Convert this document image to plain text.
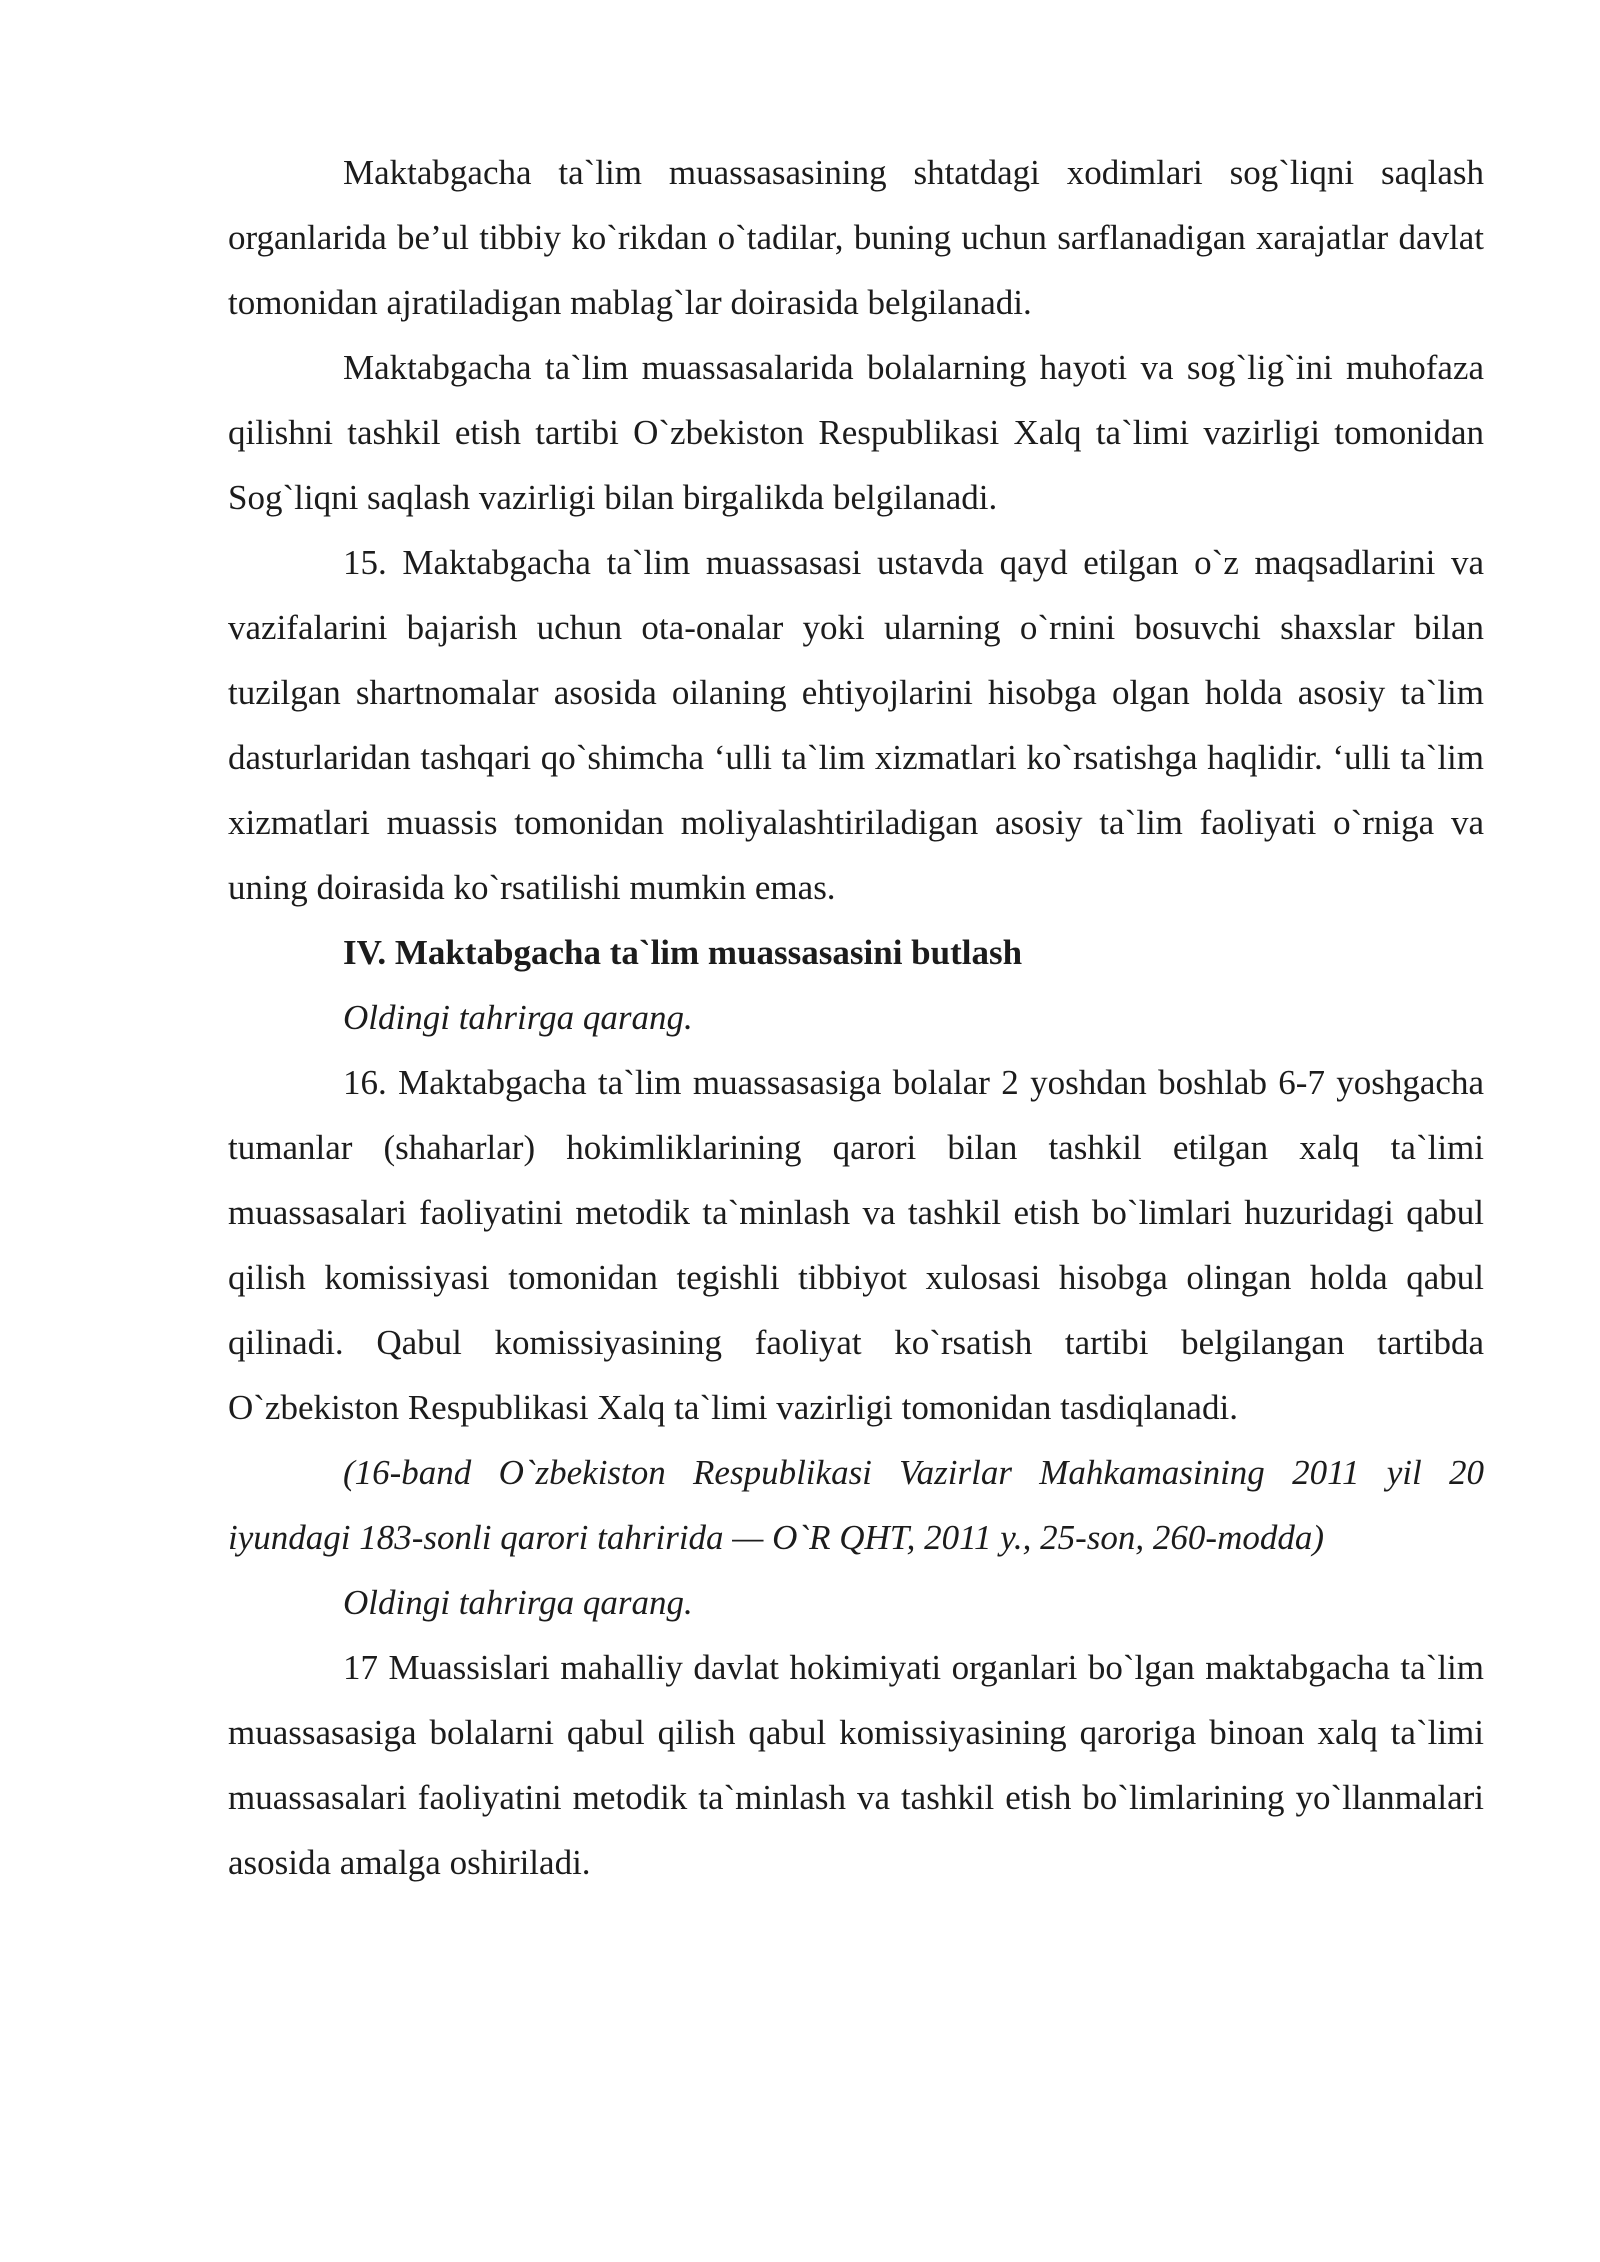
Maktabgacha ta`lim muassasasining shtatdagi xodimlari sog`liqni saqlash organlarida be’ul tibbiy ko`rikdan o`tadilar, buning uchun sarflanadigan xarajatlar davlat tomonidan ajratiladigan mablag`lar doirasida belgilanadi.

Maktabgacha ta`lim muassasalarida bolalarning hayoti va sog`lig`ini muhofaza qilishni tashkil etish tartibi O`zbekiston Respublikasi Xalq ta`limi vazirligi tomonidan Sog`liqni saqlash vazirligi bilan birgalikda belgilanadi.

15. Maktabgacha ta`lim muassasasi ustavda qayd etilgan o`z maqsadlarini va vazifalarini bajarish uchun ota-onalar yoki ularning o`rnini bosuvchi shaxslar bilan tuzilgan shartnomalar asosida oilaning ehtiyojlarini hisobga olgan holda asosiy ta`lim dasturlaridan tashqari qo`shimcha ‘ulli ta`lim xizmatlari ko`rsatishga haqlidir. ‘ulli ta`lim xizmatlari muassis tomonidan moliyalashtiriladigan asosiy ta`lim faoliyati o`rniga va uning doirasida ko`rsatilishi mumkin emas.

IV. Maktabgacha ta`lim muassasasini butlash

Oldingi tahrirga qarang.

16. Maktabgacha ta`lim muassasasiga bolalar 2 yoshdan boshlab 6-7 yoshgacha tumanlar (shaharlar) hokimliklarining qarori bilan tashkil etilgan xalq ta`limi muassasalari faoliyatini metodik ta`minlash va tashkil etish bo`limlari huzuridagi qabul qilish komissiyasi tomonidan tegishli tibbiyot xulosasi hisobga olingan holda qabul qilinadi. Qabul komissiyasining faoliyat ko`rsatish tartibi belgilangan tartibda O`zbekiston Respublikasi Xalq ta`limi vazirligi tomonidan tasdiqlanadi.

(16-band O`zbekiston Respublikasi Vazirlar Mahkamasining 2011 yil 20 iyundagi 183-sonli qarori tahririda — O`R QHT, 2011 y., 25-son, 260-modda)

Oldingi tahrirga qarang.

17 Muassislari mahalliy davlat hokimiyati organlari bo`lgan maktabgacha ta`lim muassasasiga bolalarni qabul qilish qabul komissiyasining qaroriga binoan xalq ta`limi muassasalari faoliyatini metodik ta`minlash va tashkil etish bo`limlarining yo`llanmalari asosida amalga oshiriladi.
